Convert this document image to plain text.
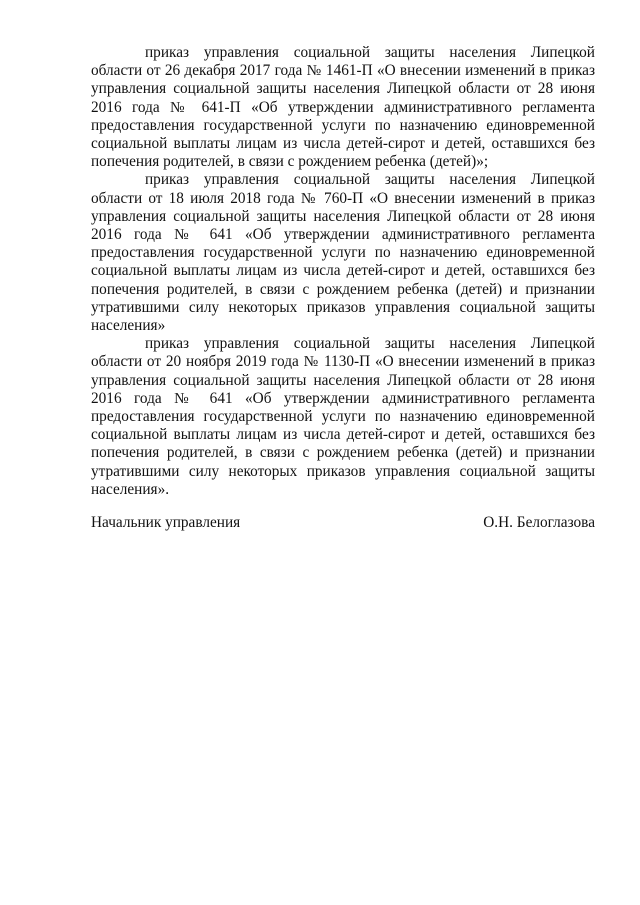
приказ управления социальной защиты населения Липецкой области от 26 декабря 2017 года № 1461-П «О внесении изменений в приказ управления социальной защиты населения Липецкой области от 28 июня 2016 года № 641-П «Об утверждении административного регламента предоставления государственной услуги по назначению единовременной социальной выплаты лицам из числа детей-сирот и детей, оставшихся без попечения родителей, в связи с рождением ребенка (детей)»;

приказ управления социальной защиты населения Липецкой области от 18 июля 2018 года № 760-П «О внесении изменений в приказ управления социальной защиты населения Липецкой области от 28 июня 2016 года № 641 «Об утверждении административного регламента предоставления государственной услуги по назначению единовременной социальной выплаты лицам из числа детей-сирот и детей, оставшихся без попечения родителей, в связи с рождением ребенка (детей) и признании утратившими силу некоторых приказов управления социальной защиты населения»

приказ управления социальной защиты населения Липецкой области от 20 ноября 2019 года № 1130-П «О внесении изменений в приказ управления социальной защиты населения Липецкой области от 28 июня 2016 года № 641 «Об утверждении административного регламента предоставления государственной услуги по назначению единовременной социальной выплаты лицам из числа детей-сирот и детей, оставшихся без попечения родителей, в связи с рождением ребенка (детей) и признании утратившими силу некоторых приказов управления социальной защиты населения».

Начальник управления	О.Н. Белоглазова
